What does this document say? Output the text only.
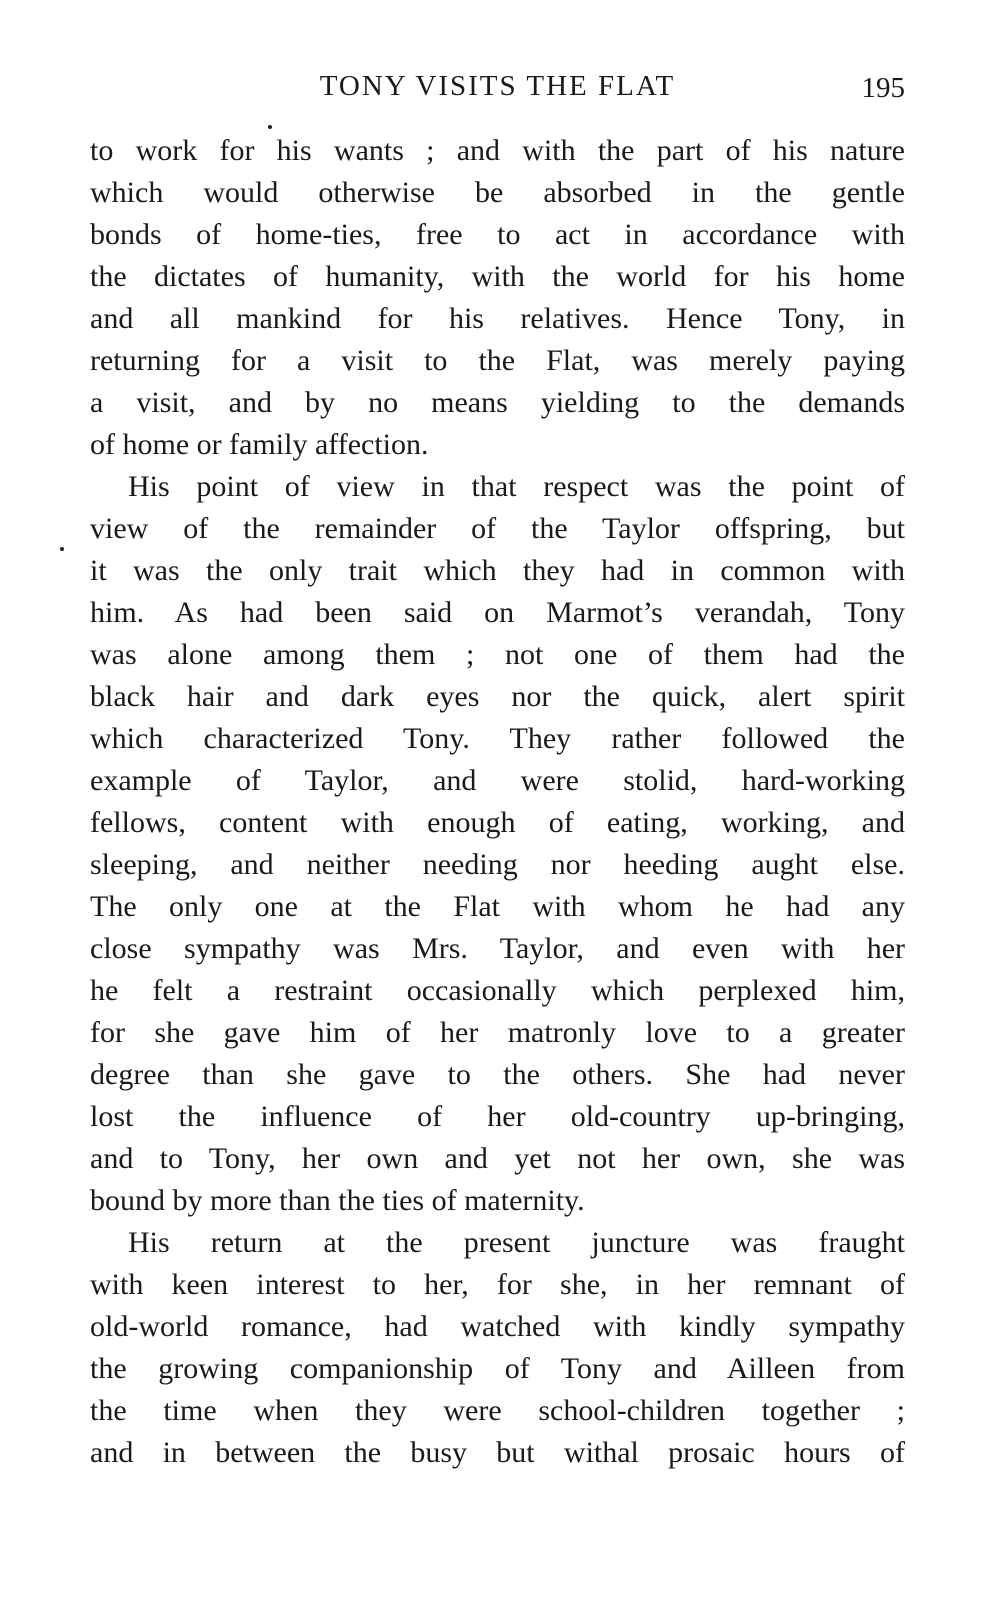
TONY VISITS THE FLAT	195

to work for his wants ; and with the part of his nature
which would otherwise be absorbed in the gentle
bonds of home-ties, free to act in accordance with
the dictates of humanity, with the world for his home
and all mankind for his relatives. Hence Tony, in
returning for a visit to the Flat, was merely paying
a visit, and by no means yielding to the demands
of home or family affection.

His point of view in that respect was the point of
view of the remainder of the Taylor offspring, but
it was the only trait which they had in common with
him. As had been said on Marmot’s verandah, Tony
was alone among them ; not one of them had the
black hair and dark eyes nor the quick, alert spirit
which characterized Tony. They rather followed the
example of Taylor, and were stolid, hard-working
fellows, content with enough of eating, working, and
sleeping, and neither needing nor heeding aught else.
The only one at the Flat with whom he had any
close sympathy was Mrs. Taylor, and even with her
he felt a restraint occasionally which perplexed him,
for she gave him of her matronly love to a greater
degree than she gave to the others. She had never
lost the influence of her old-country up-bringing,
and to Tony, her own and yet not her own, she was
bound by more than the ties of maternity.

His return at the present juncture was fraught
with keen interest to her, for she, in her remnant of
old-world romance, had watched with kindly sympathy
the growing companionship of Tony and Ailleen from
the time when they were school-children together ;
and in between the busy but withal prosaic hours of
